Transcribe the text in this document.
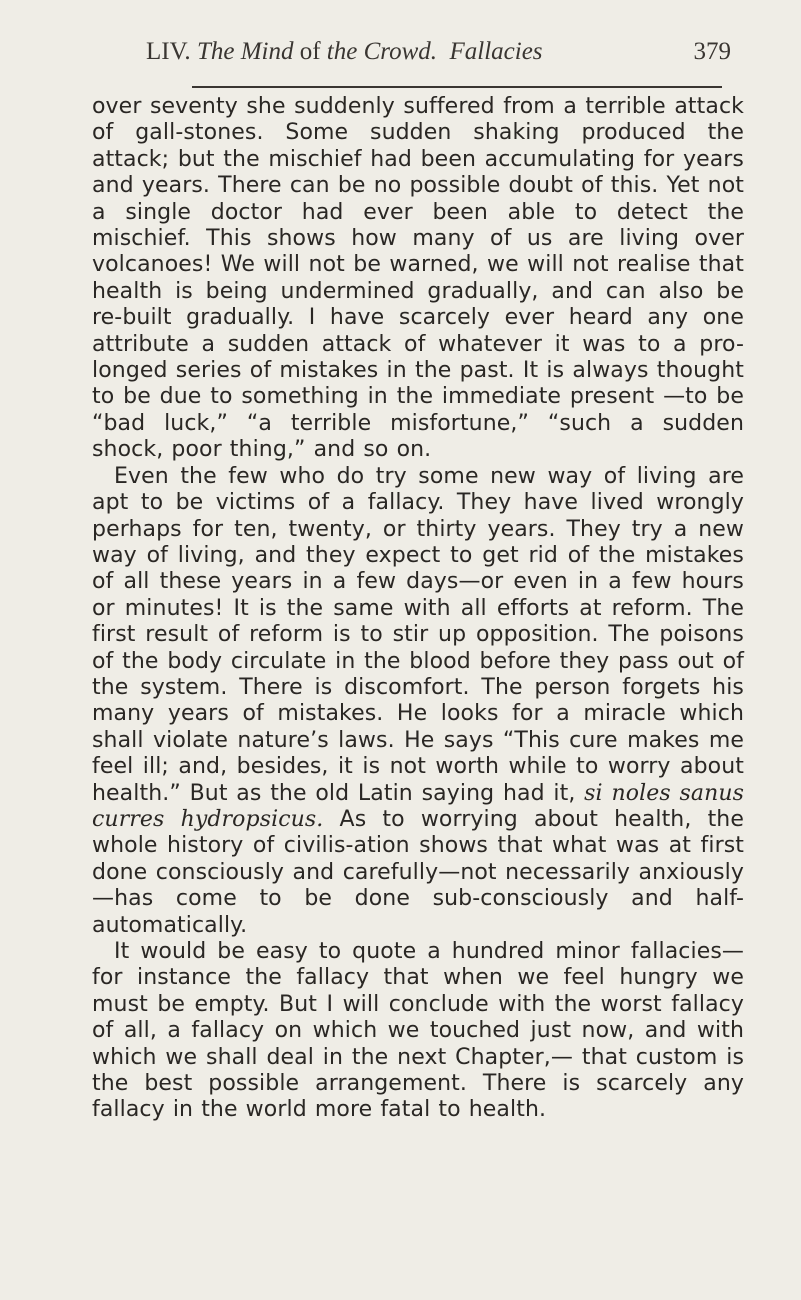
LIV. The Mind of the Crowd. Fallacies	379

over seventy she suddenly suffered from a terrible attack of gall-stones. Some sudden shaking produced the attack; but the mischief had been accumulating for years and years. There can be no possible doubt of this. Yet not a single doctor had ever been able to detect the mischief. This shows how many of us are living over volcanoes! We will not be warned, we will not realise that health is being undermined gradually, and can also be re-built gradually. I have scarcely ever heard any one attribute a sudden attack of whatever it was to a pro-longed series of mistakes in the past. It is always thought to be due to something in the immediate present —to be “bad luck,” “a terrible misfortune,” “such a sudden shock, poor thing,” and so on.

Even the few who do try some new way of living are apt to be victims of a fallacy. They have lived wrongly perhaps for ten, twenty, or thirty years. They try a new way of living, and they expect to get rid of the mistakes of all these years in a few days—or even in a few hours or minutes! It is the same with all efforts at reform. The first result of reform is to stir up opposition. The poisons of the body circulate in the blood before they pass out of the system. There is discomfort. The person forgets his many years of mistakes. He looks for a miracle which shall violate nature’s laws. He says “This cure makes me feel ill; and, besides, it is not worth while to worry about health.” But as the old Latin saying had it, si noles sanus curres hydropsicus. As to worrying about health, the whole history of civilis-ation shows that what was at first done consciously and carefully—not necessarily anxiously—has come to be done sub-consciously and half-automatically.

It would be easy to quote a hundred minor fallacies— for instance the fallacy that when we feel hungry we must be empty. But I will conclude with the worst fallacy of all, a fallacy on which we touched just now, and with which we shall deal in the next Chapter,— that custom is the best possible arrangement. There is scarcely any fallacy in the world more fatal to health.
